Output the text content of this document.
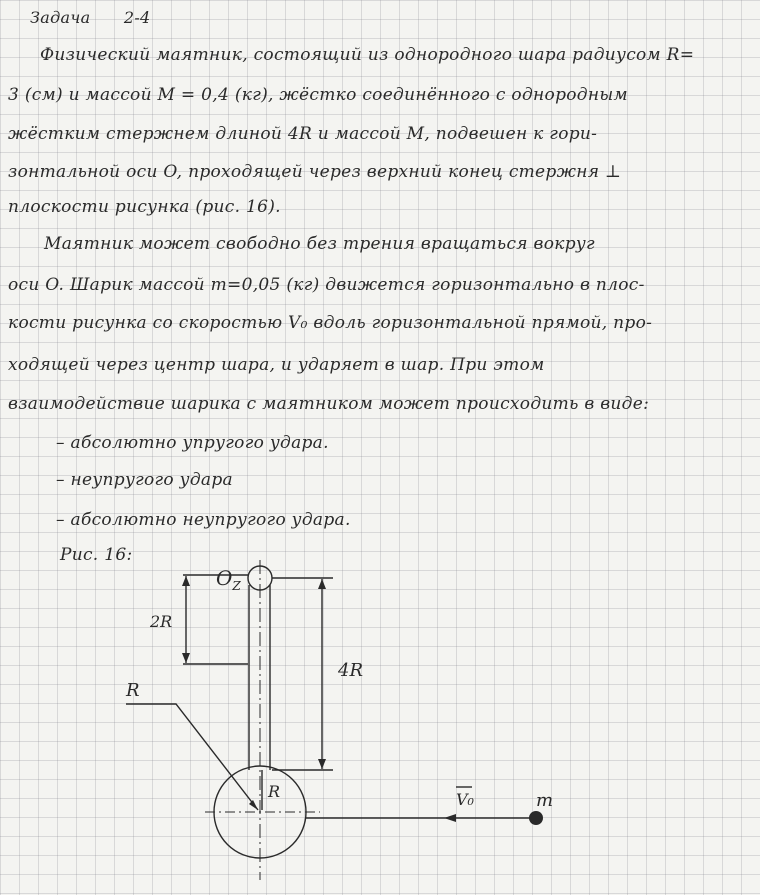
Задача 2-4
Физический маятник, состоящий из однородного шара радиусом R=
3 (см) и массой M = 0,4 (кг), жёстко соединённого с однородным
жёстким стержнем длиной 4R и массой M, подвешен к гори-
зонтальной оси O, проходящей через верхний конец стержня ⊥
плоскости рисунка (рис. 16).
Маятник может свободно без трения вращаться вокруг
оси O. Шарик массой m=0,05 (кг) движется горизонтально в плос-
кости рисунка со скоростью V₀ вдоль горизонтальной прямой, про-
ходящей через центр шара, и ударяет в шар. При этом
взаимодействие шарика с маятником может происходить в виде:
– абсолютно упругого удара.
– неупругого удара
– абсолютно неупругого удара.
Рис. 16:
$O_Z$
2R
4R
R
R	V₀	m
